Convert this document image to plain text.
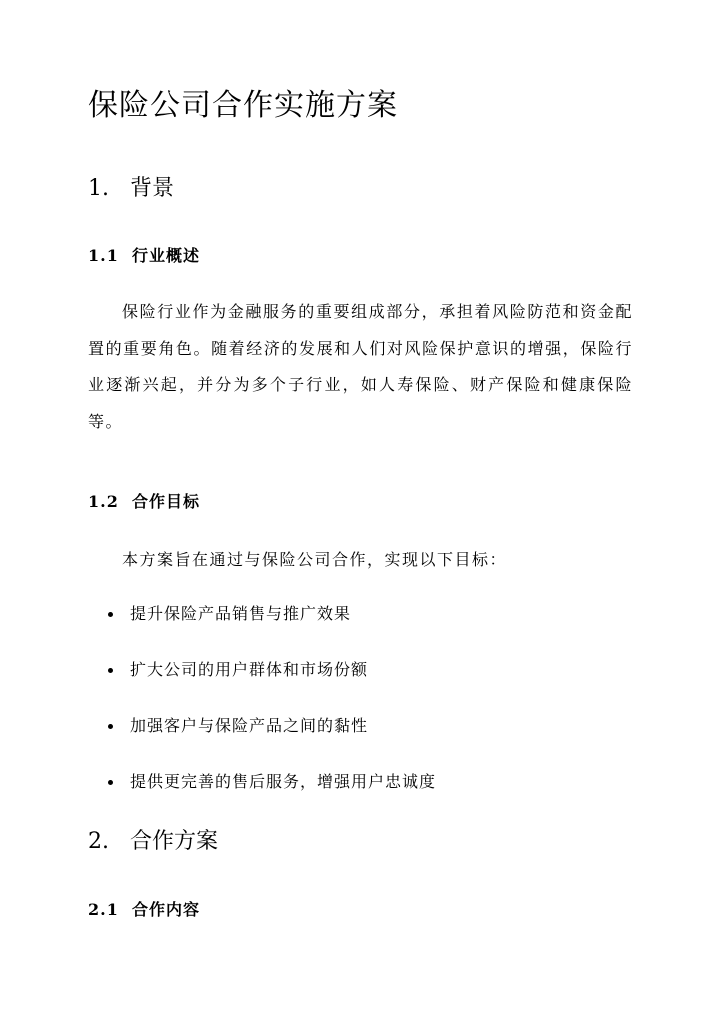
保险公司合作实施方案
1. 背景
1.1 行业概述

保险行业作为金融服务的重要组成部分，承担着风险防范和资金配置的重要角色。随着经济的发展和人们对风险保护意识的增强，保险行业逐渐兴起，并分为多个子行业，如人寿保险、财产保险和健康保险等。

1.2 合作目标

本方案旨在通过与保险公司合作，实现以下目标：

提升保险产品销售与推广效果
扩大公司的用户群体和市场份额
加强客户与保险产品之间的黏性
提供更完善的售后服务，增强用户忠诚度
2. 合作方案
2.1 合作内容
